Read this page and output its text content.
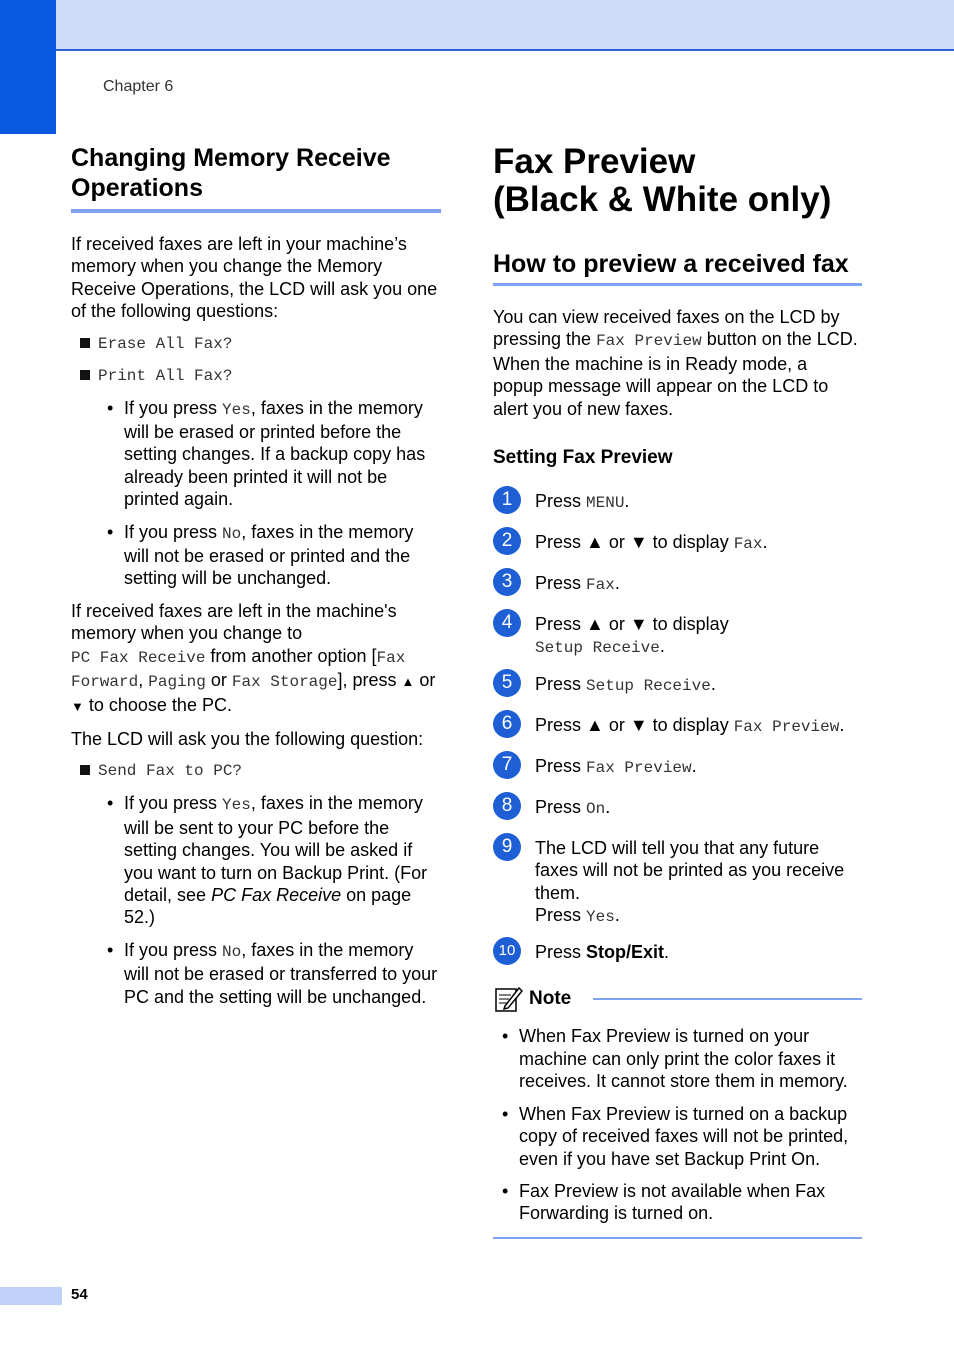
Chapter 6
Changing Memory Receive Operations

If received faxes are left in your machine’s memory when you change the Memory Receive Operations, the LCD will ask you one of the following questions:

Erase All Fax?
Print All Fax?
• If you press Yes, faxes in the memory will be erased or printed before the setting changes. If a backup copy has already been printed it will not be printed again.
• If you press No, faxes in the memory will not be erased or printed and the setting will be unchanged.

If received faxes are left in the machine's memory when you change to
PC Fax Receive from another option [Fax Forward, Paging or Fax Storage], press ▲ or ▼ to choose the PC.

The LCD will ask you the following question:

Send Fax to PC?
• If you press Yes, faxes in the memory will be sent to your PC before the setting changes. You will be asked if you want to turn on Backup Print. (For detail, see PC Fax Receive on page 52.)
• If you press No, faxes in the memory will not be erased or transferred to your PC and the setting will be unchanged.
Fax Preview
(Black & White only)
How to preview a received fax

You can view received faxes on the LCD by pressing the Fax Preview button on the LCD. When the machine is in Ready mode, a popup message will appear on the LCD to alert you of new faxes.

Setting Fax Preview
1	Press MENU.
2	Press ▲ or ▼ to display Fax.
3	Press Fax.
4	Press ▲ or ▼ to display
Setup Receive.
5	Press Setup Receive.
6	Press ▲ or ▼ to display Fax Preview.
7	Press Fax Preview.
8	Press On.
9	The LCD will tell you that any future faxes will not be printed as you receive them.
Press Yes.
10	Press Stop/Exit.
Note
• When Fax Preview is turned on your machine can only print the color faxes it receives. It cannot store them in memory.
• When Fax Preview is turned on a backup copy of received faxes will not be printed, even if you have set Backup Print On.
• Fax Preview is not available when Fax Forwarding is turned on.
54
